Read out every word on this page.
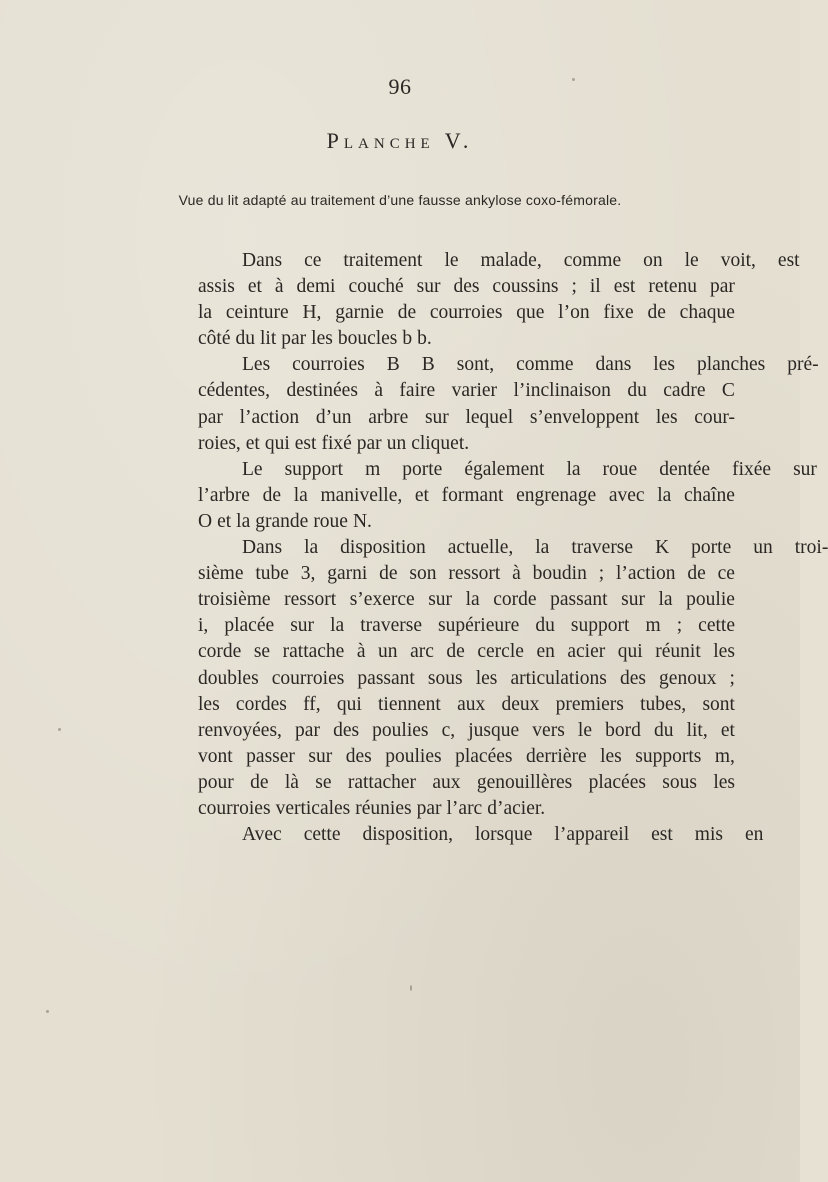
96
Planche V.
Vue du lit adapté au traitement d’une fausse ankylose coxo-fémorale.
Dans	ce	traitement	le	malade,	comme	on	le	voit,	est
assis et à demi couché sur des coussins ; il est retenu par
la ceinture H, garnie de courroies que l’on fixe de chaque
côté du lit par les boucles b b.
Les	courroies	B	B	sont,	comme	dans	les	planches	pré-
cédentes, destinées à faire varier l’inclinaison du cadre C
par l’action d’un arbre sur lequel s’enveloppent les cour-
roies, et qui est fixé par un cliquet.
Le	support	m	porte	également	la	roue	dentée	fixée	sur
l’arbre de la manivelle, et formant engrenage avec la chaîne
O et la grande roue N.
Dans	la	disposition	actuelle,	la	traverse	K	porte	un	troi-
sième tube 3, garni de son ressort à boudin ; l’action de ce
troisième ressort s’exerce sur la corde passant sur la poulie
i, placée sur la traverse supérieure du support m ; cette
corde se rattache à un arc de cercle en acier qui réunit les
doubles courroies passant sous les articulations des genoux ;
les cordes ff, qui tiennent aux deux premiers tubes, sont
renvoyées, par des poulies c, jusque vers le bord du lit, et
vont passer sur des poulies placées derrière les supports m,
pour de là se rattacher aux genouillères placées sous les
courroies verticales réunies par l’arc d’acier.
Avec	cette	disposition,	lorsque	l’appareil	est	mis	en
